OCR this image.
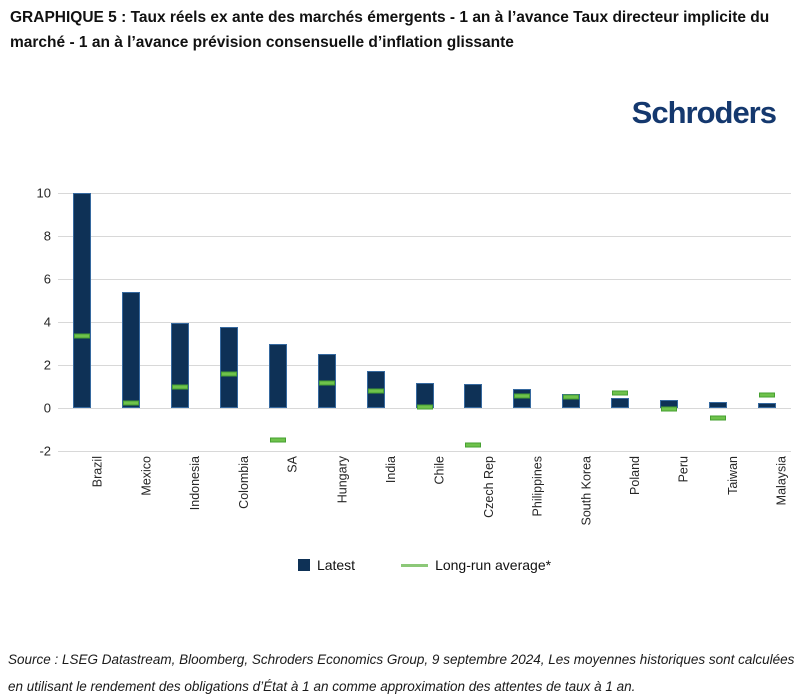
GRAPHIQUE 5 : Taux réels ex ante des marchés émergents - 1 an à l’avance Taux directeur implicite du marché - 1 an à l’avance prévision consensuelle d’inflation glissante
Schroders
10
8
6
4
2
0
-2
Brazil	Mexico	Indonesia	Colombia	SA	Hungary	India	Chile	Czech Rep	Philippines	South Korea	Poland	Peru	Taiwan	Malaysia
Latest	Long-run average*
Source : LSEG Datastream, Bloomberg, Schroders Economics Group, 9 septembre 2024, Les moyennes historiques sont calculées en utilisant le rendement des obligations d’État à 1 an comme approximation des attentes de taux à 1 an.
